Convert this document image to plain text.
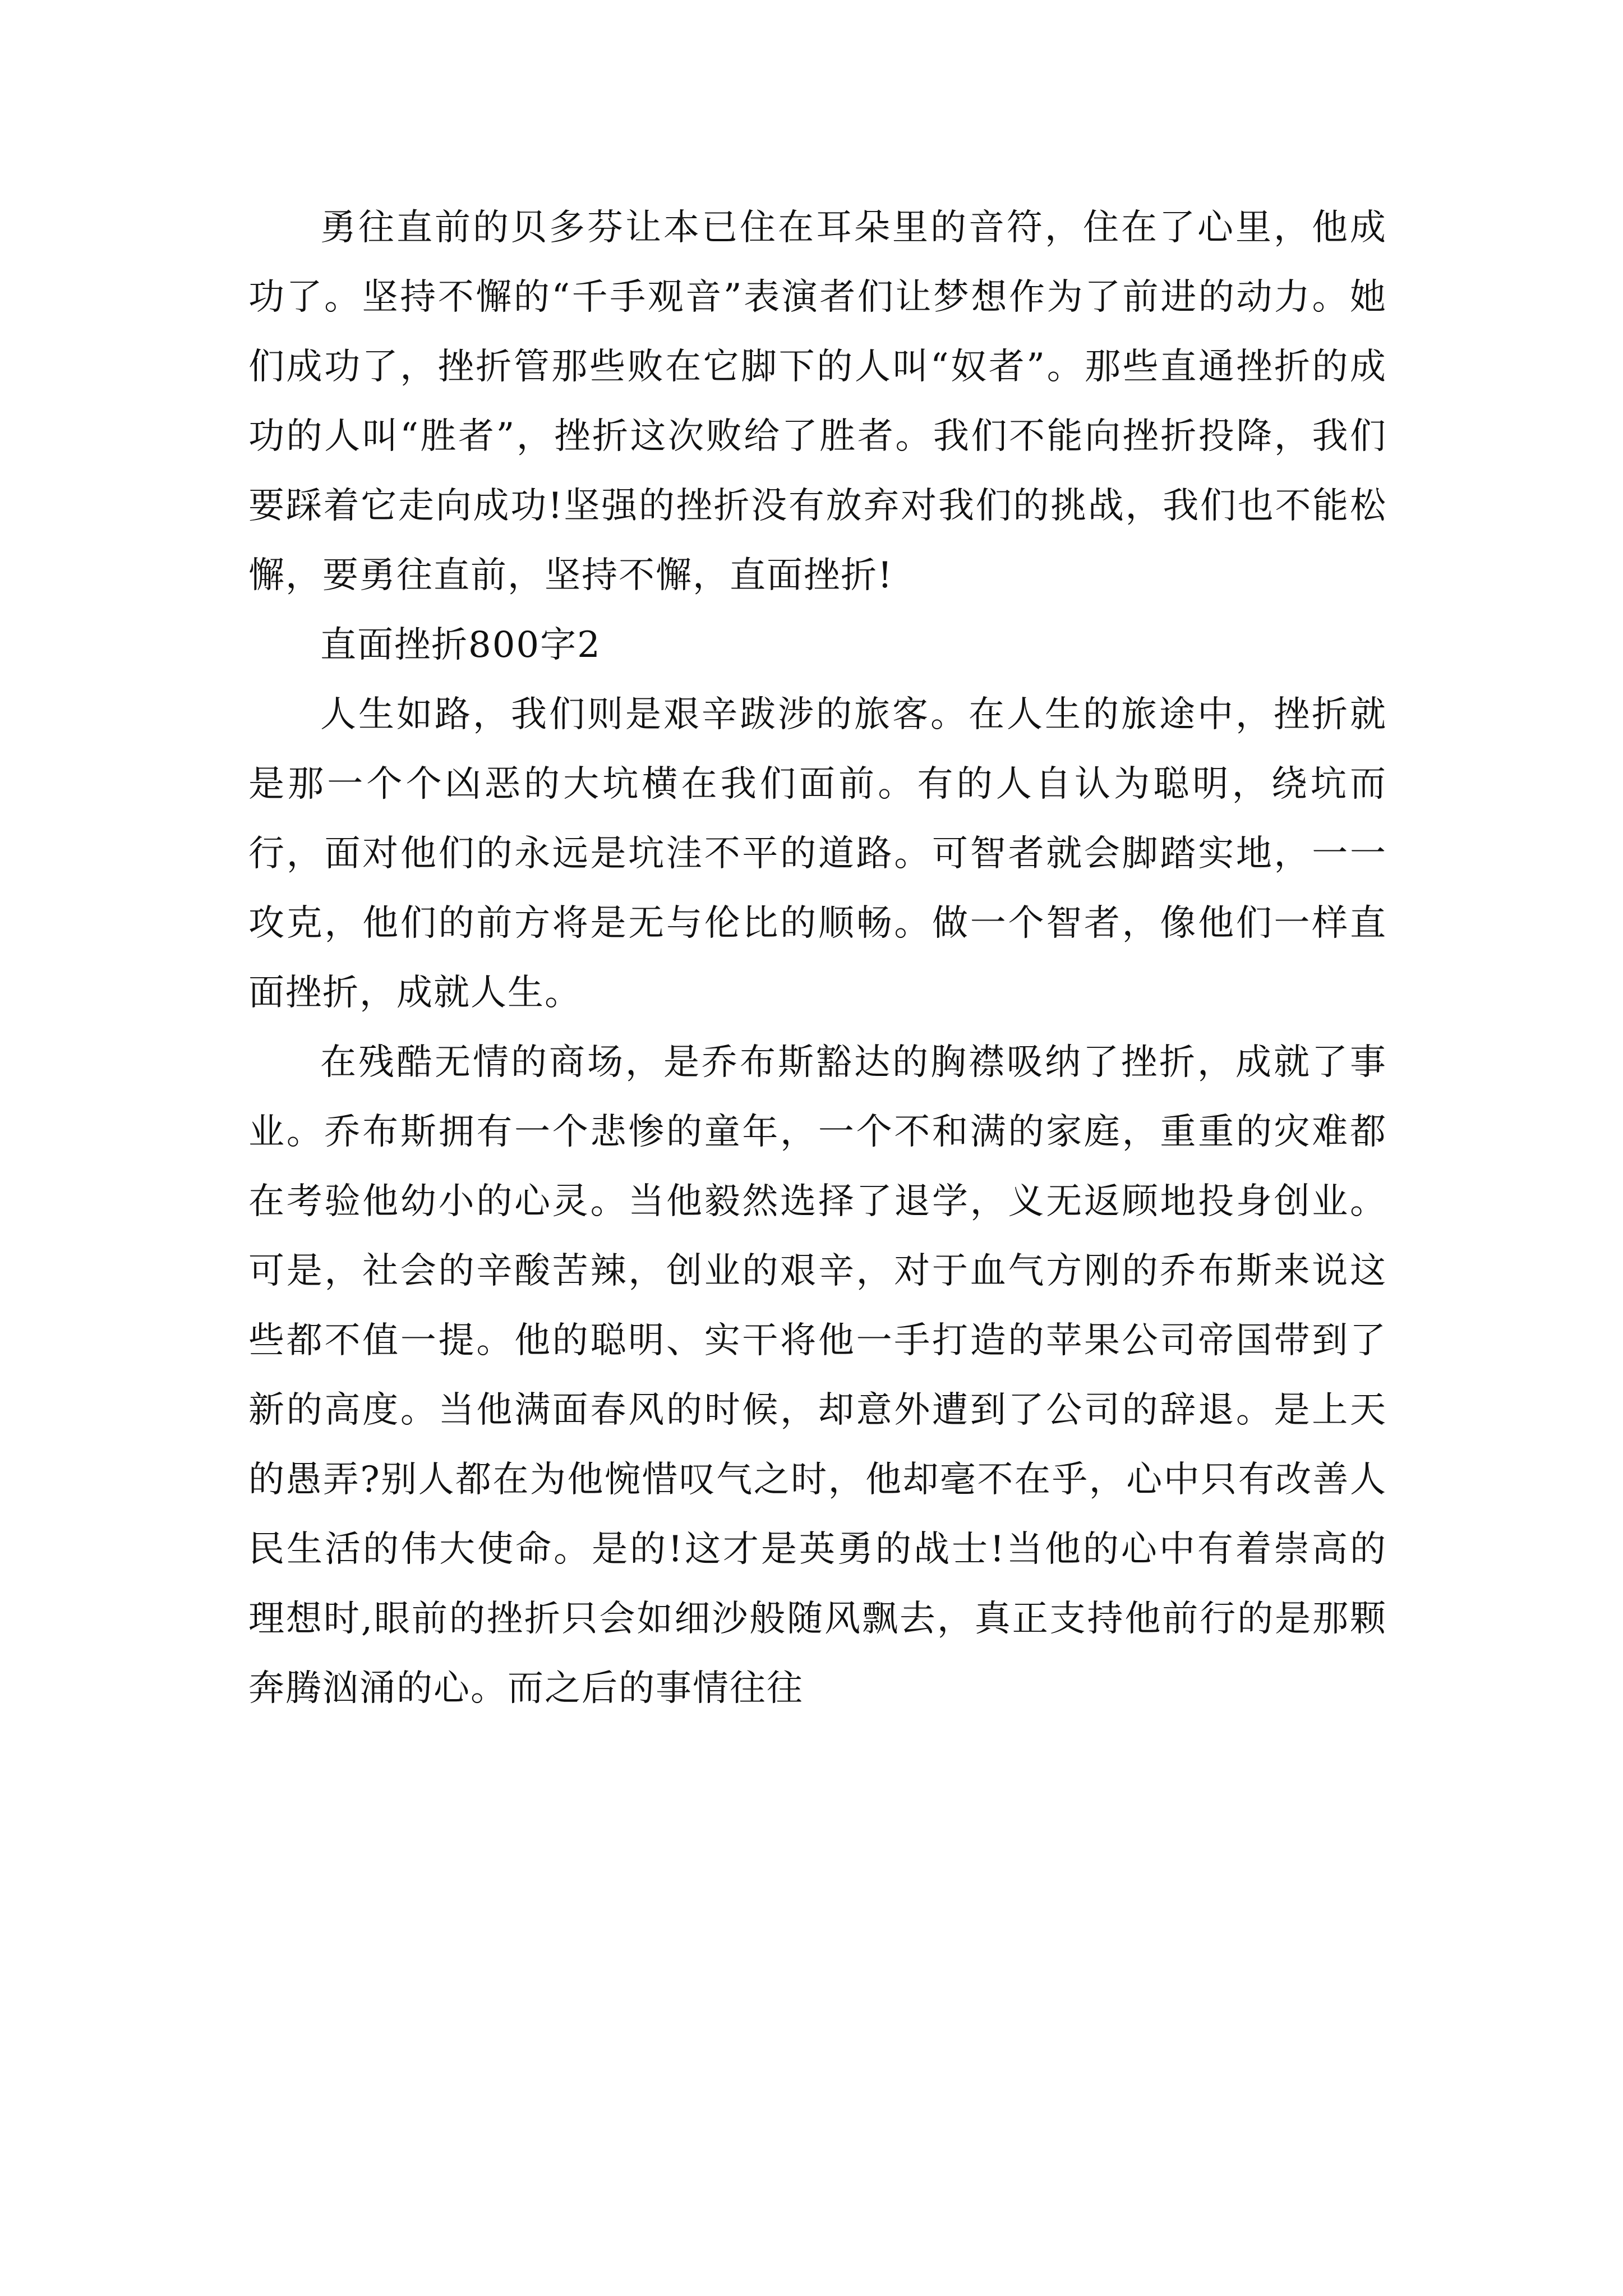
勇往直前的贝多芬让本已住在耳朵里的音符，住在了心里，他成功了。坚持不懈的“千手观音”表演者们让梦想作为了前进的动力。她们成功了，挫折管那些败在它脚下的人叫“奴者”。那些直通挫折的成功的人叫“胜者”，挫折这次败给了胜者。我们不能向挫折投降，我们要踩着它走向成功!坚强的挫折没有放弃对我们的挑战，我们也不能松懈，要勇往直前，坚持不懈，直面挫折!

直面挫折800字2

人生如路，我们则是艰辛跋涉的旅客。在人生的旅途中，挫折就是那一个个凶恶的大坑横在我们面前。有的人自认为聪明，绕坑而行，面对他们的永远是坑洼不平的道路。可智者就会脚踏实地，一一攻克，他们的前方将是无与伦比的顺畅。做一个智者，像他们一样直面挫折，成就人生。

在残酷无情的商场，是乔布斯豁达的胸襟吸纳了挫折，成就了事业。乔布斯拥有一个悲惨的童年，一个不和满的家庭，重重的灾难都在考验他幼小的心灵。当他毅然选择了退学，义无返顾地投身创业。可是，社会的辛酸苦辣，创业的艰辛，对于血气方刚的乔布斯来说这些都不值一提。他的聪明、实干将他一手打造的苹果公司帝国带到了新的高度。当他满面春风的时候，却意外遭到了公司的辞退。是上天的愚弄?别人都在为他惋惜叹气之时，他却毫不在乎，心中只有改善人民生活的伟大使命。是的!这才是英勇的战士!当他的心中有着崇高的理想时,眼前的挫折只会如细沙般随风飘去，真正支持他前行的是那颗奔腾汹涌的心。而之后的事情往往
